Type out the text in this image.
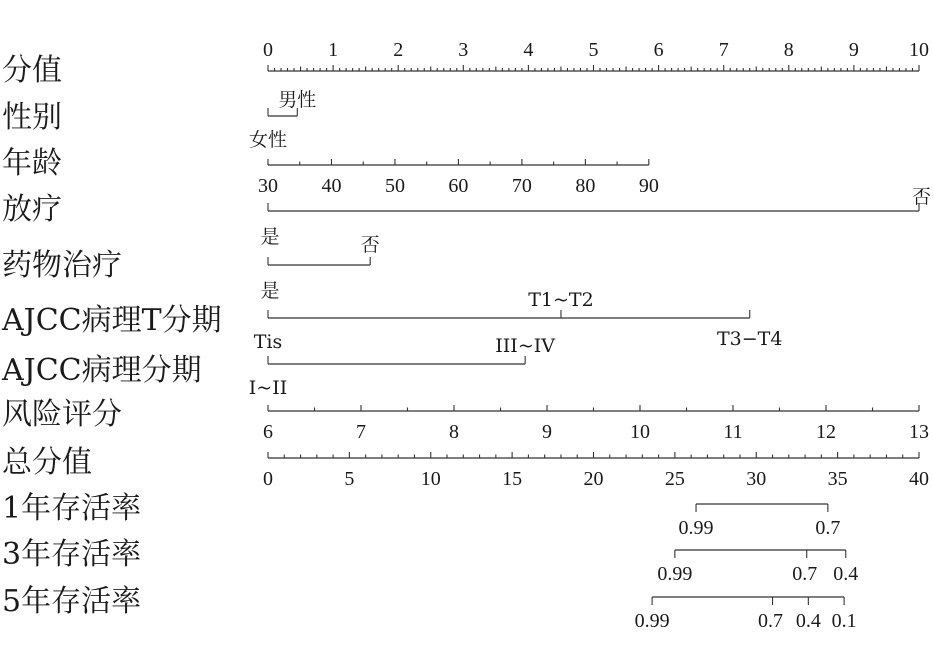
分值
性别
年龄
放疗
药物治疗
AJCC病理T分期
AJCC病理分期
风险评分
总分值
1年存活率
3年存活率
5年存活率
0	1	2	3	4	5	6	7	8	9	10
女性
男性
30 40 50 60 70 80 90
是
否
是
否
Tis
T1~T2
T3−T4
I~II
III~IV
6	7	8	9	10	11	12	13
0	5	10	15	20	25	30	35	40
0.99	0.7
0.99	0.7 0.4
0.99	0.7 0.4 0.1
